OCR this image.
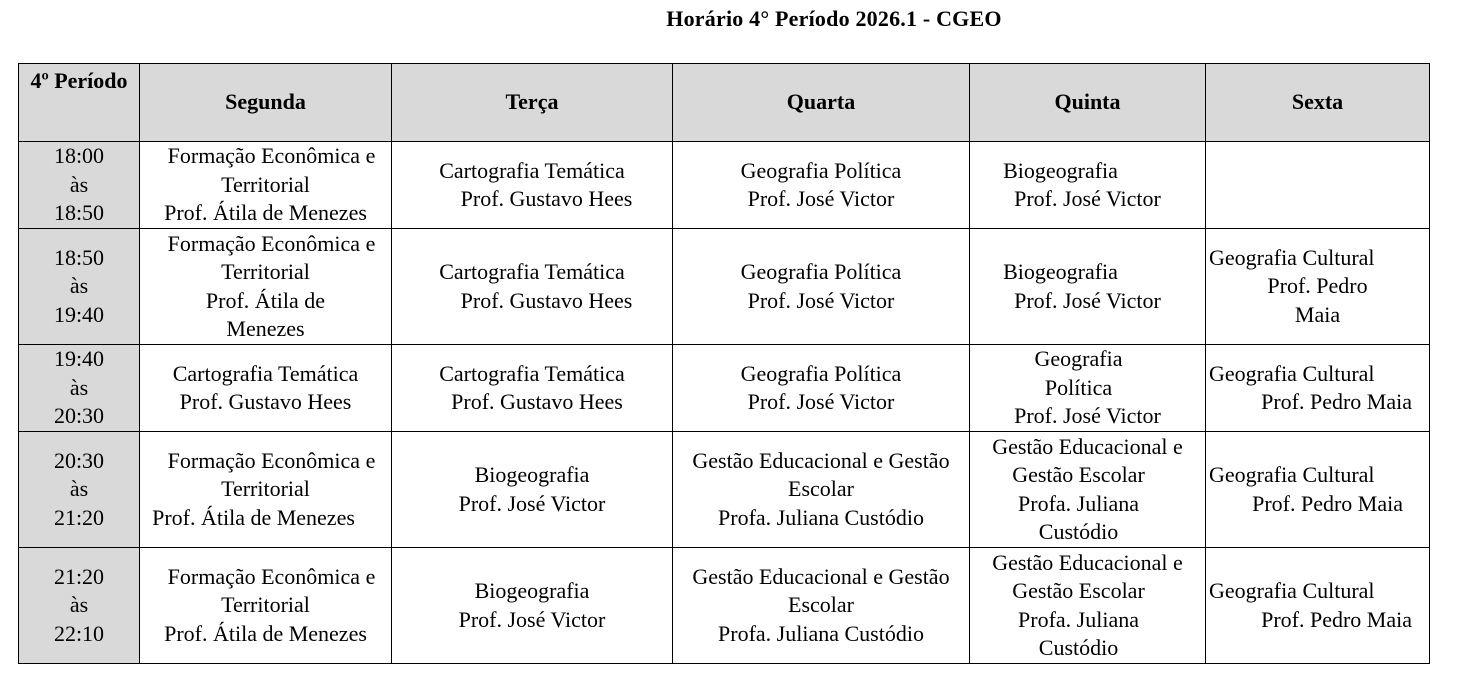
Horário 4° Período 2026.1 - CGEO
4º Período	Segunda	Terça	Quarta	Quinta	Sexta

18:00
às
18:50	Formação Econômica e
Territorial
Prof. Átila de Menezes	Cartografia Temática
Prof. Gustavo Hees	Geografia Política
Prof. José Victor	Biogeografia
Prof. José Victor	

18:50
às
19:40	Formação Econômica e
Territorial
Prof. Átila de
Menezes	Cartografia Temática
Prof. Gustavo Hees	Geografia Política
Prof. José Victor	Biogeografia
Prof. José Victor	Geografia Cultural
Prof. Pedro
Maia

19:40
às
20:30	Cartografia Temática
Prof. Gustavo Hees	Cartografia Temática
Prof. Gustavo Hees	Geografia Política
Prof. José Victor	Geografia
Política
Prof. José Victor	Geografia Cultural
Prof. Pedro Maia

20:30
às
21:20	Formação Econômica e
Territorial
Prof. Átila de Menezes	Biogeografia
Prof. José Victor	Gestão Educacional e Gestão
Escolar
Profa. Juliana Custódio	Gestão Educacional e
Gestão Escolar
Profa. Juliana
Custódio	Geografia Cultural
Prof. Pedro Maia

21:20
às
22:10	Formação Econômica e
Territorial
Prof. Átila de Menezes	Biogeografia
Prof. José Victor	Gestão Educacional e Gestão
Escolar
Profa. Juliana Custódio	Gestão Educacional e
Gestão Escolar
Profa. Juliana
Custódio	Geografia Cultural
Prof. Pedro Maia
